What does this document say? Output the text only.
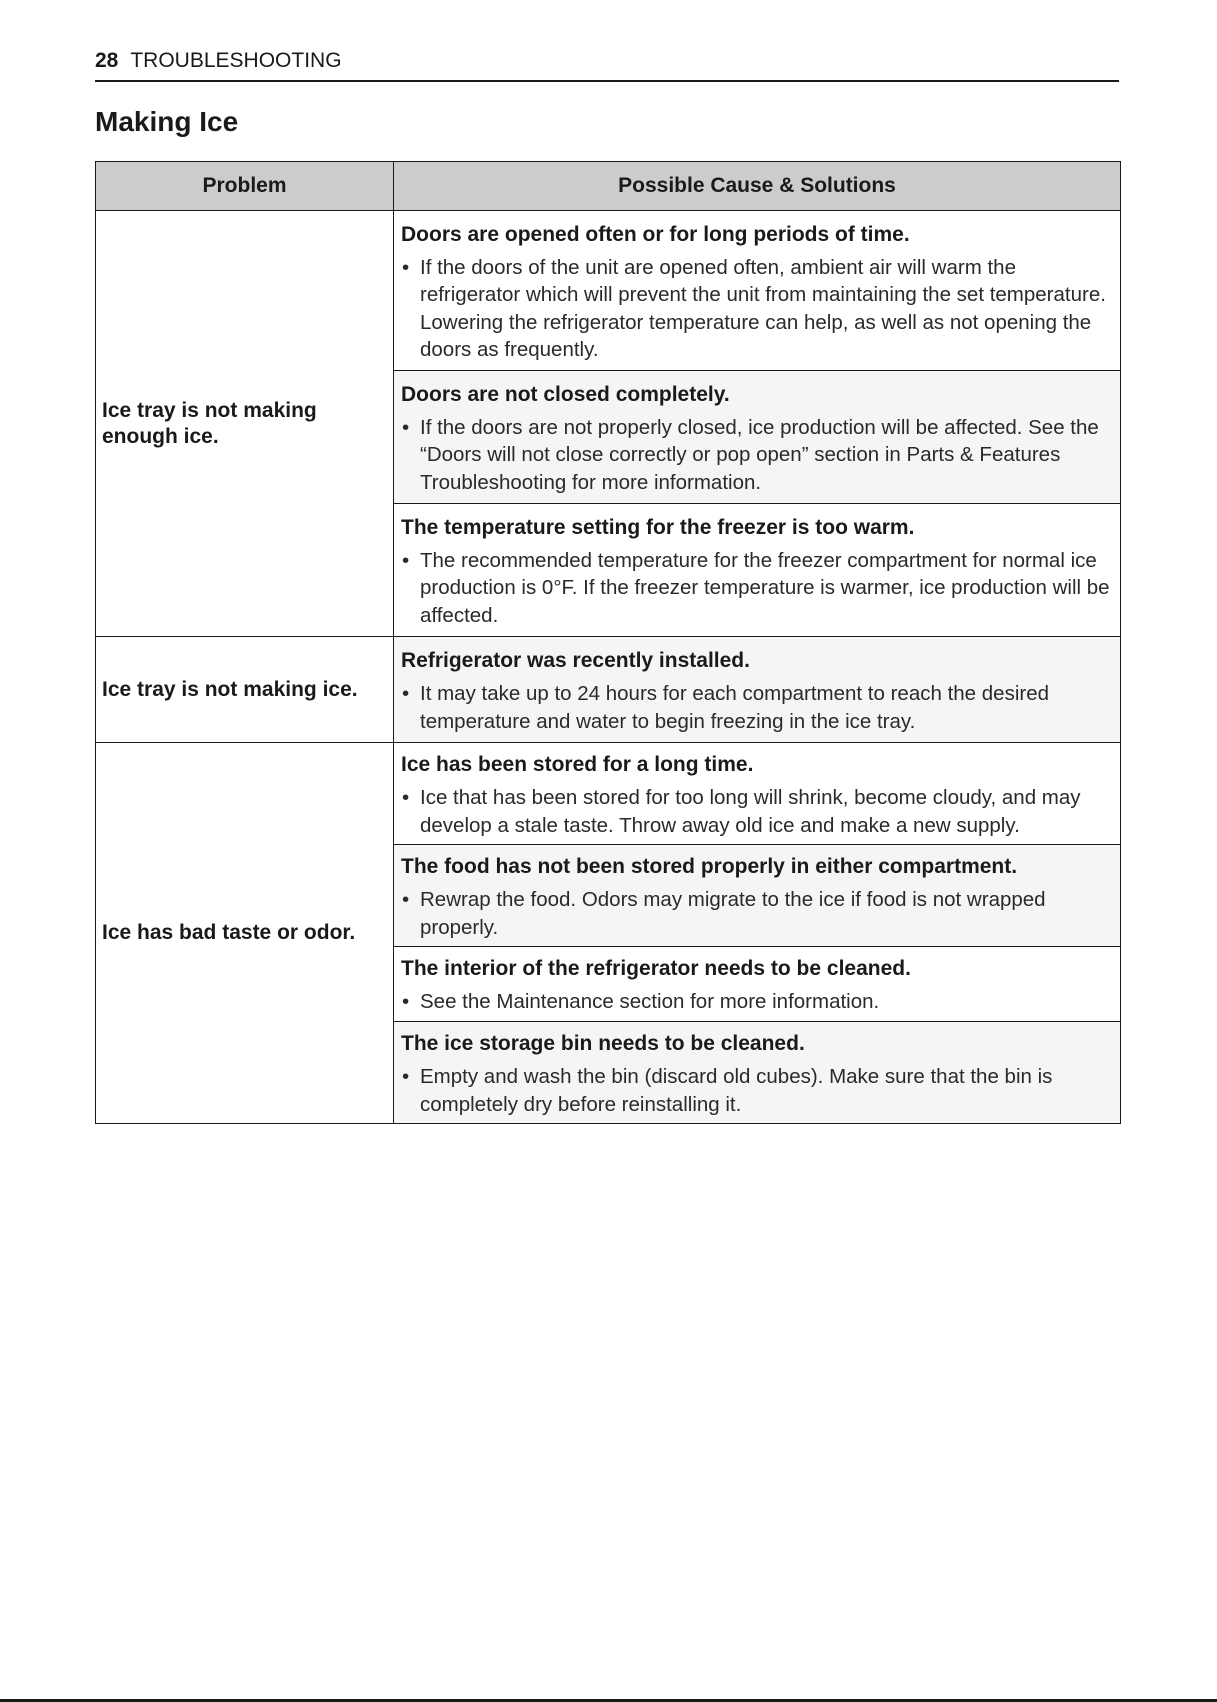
28 TROUBLESHOOTING
Making Ice
Problem	Possible Cause & Solutions
Ice tray is not making enough ice.	Doors are opened often or for long periods of time.
• If the doors of the unit are opened often, ambient air will warm the refrigerator which will prevent the unit from maintaining the set temperature. Lowering the refrigerator temperature can help, as well as not opening the doors as frequently.

	Doors are not closed completely.
• If the doors are not properly closed, ice production will be affected. See the “Doors will not close correctly or pop open” section in Parts & Features Troubleshooting for more information.

	The temperature setting for the freezer is too warm.
• The recommended temperature for the freezer compartment for normal ice production is 0°F. If the freezer temperature is warmer, ice production will be affected.

Ice tray is not making ice.	Refrigerator was recently installed.
• It may take up to 24 hours for each compartment to reach the desired temperature and water to begin freezing in the ice tray.

Ice has bad taste or odor.	Ice has been stored for a long time.
• Ice that has been stored for too long will shrink, become cloudy, and may develop a stale taste. Throw away old ice and make a new supply.

	The food has not been stored properly in either compartment.
• Rewrap the food. Odors may migrate to the ice if food is not wrapped properly.

	The interior of the refrigerator needs to be cleaned.
• See the Maintenance section for more information.

	The ice storage bin needs to be cleaned.
• Empty and wash the bin (discard old cubes). Make sure that the bin is completely dry before reinstalling it.
